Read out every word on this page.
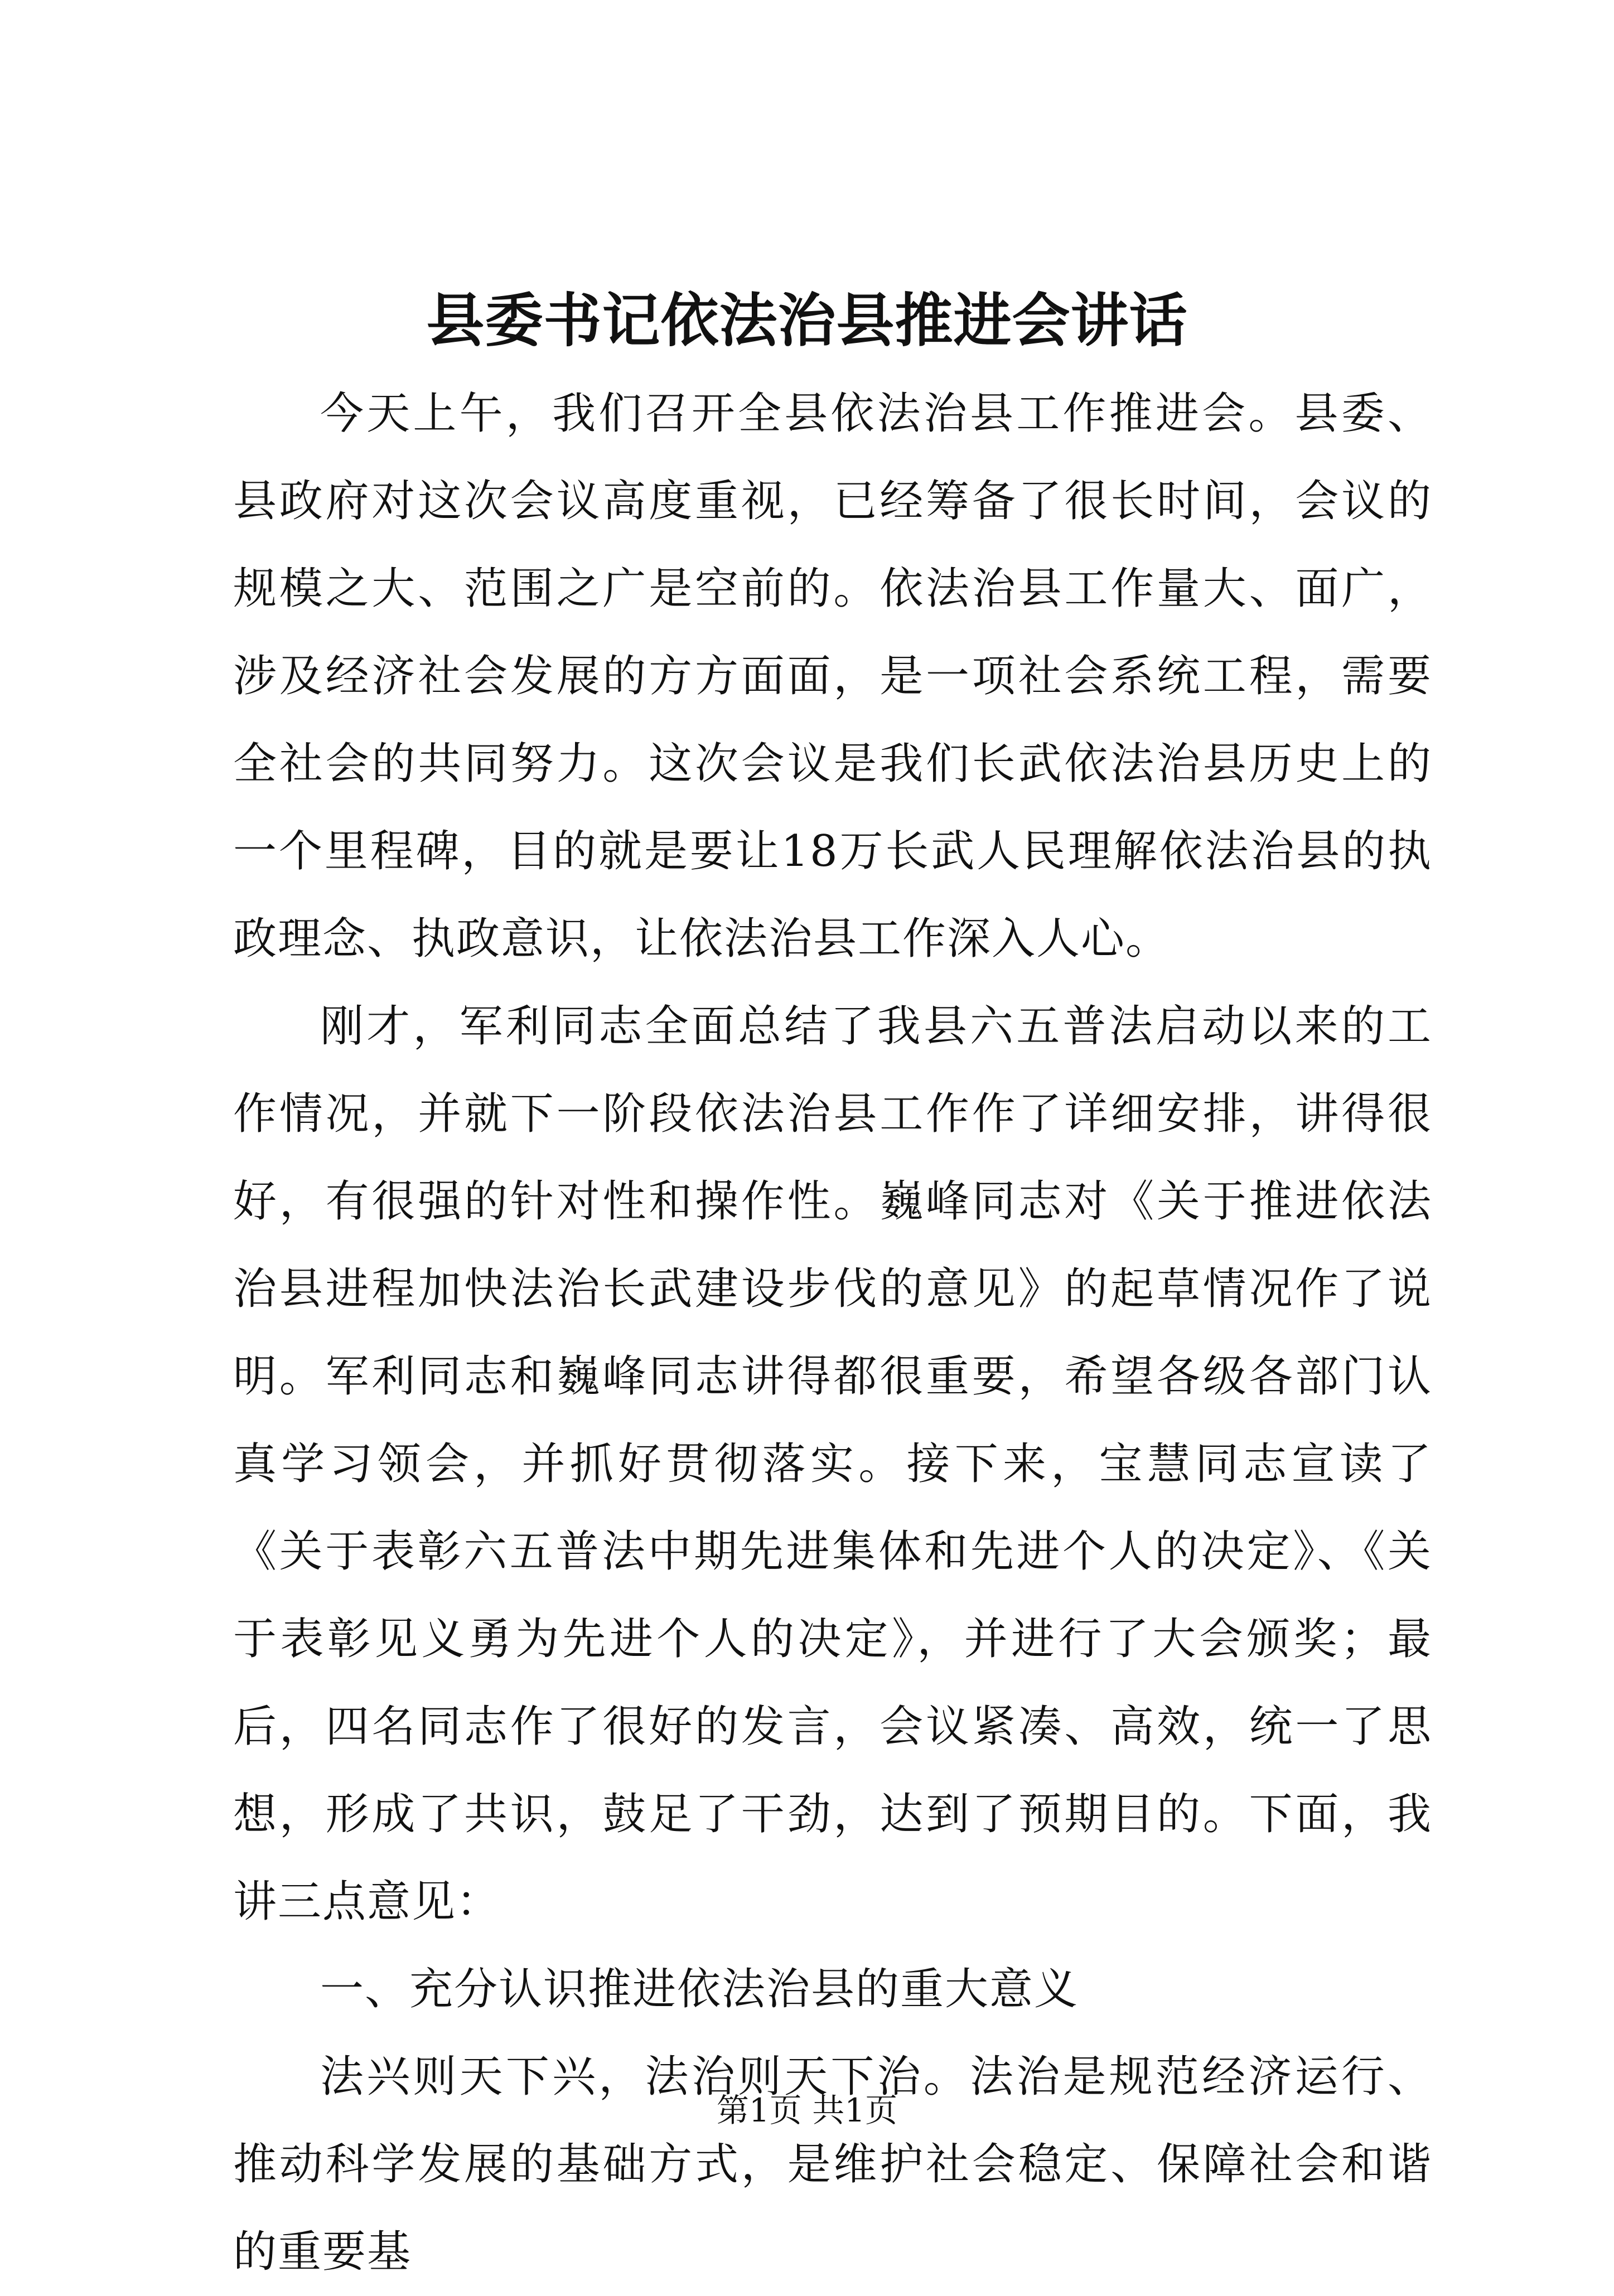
县委书记依法治县推进会讲话

今天上午，我们召开全县依法治县工作推进会。县委、县政府对这次会议高度重视，已经筹备了很长时间，会议的规模之大、范围之广是空前的。依法治县工作量大、面广，涉及经济社会发展的方方面面，是一项社会系统工程，需要全社会的共同努力。这次会议是我们长武依法治县历史上的一个里程碑，目的就是要让18万长武人民理解依法治县的执政理念、执政意识，让依法治县工作深入人心。

刚才，军利同志全面总结了我县六五普法启动以来的工作情况，并就下一阶段依法治县工作作了详细安排，讲得很好，有很强的针对性和操作性。巍峰同志对《关于推进依法治县进程加快法治长武建设步伐的意见》的起草情况作了说明。军利同志和巍峰同志讲得都很重要，希望各级各部门认真学习领会，并抓好贯彻落实。接下来，宝慧同志宣读了《关于表彰六五普法中期先进集体和先进个人的决定》、《关于表彰见义勇为先进个人的决定》，并进行了大会颁奖；最后，四名同志作了很好的发言，会议紧凑、高效，统一了思想，形成了共识，鼓足了干劲，达到了预期目的。下面，我讲三点意见：

一、充分认识推进依法治县的重大意义

法兴则天下兴，法治则天下治。法治是规范经济运行、推动科学发展的基础方式，是维护社会稳定、保障社会和谐的重要基

第1页 共1页
